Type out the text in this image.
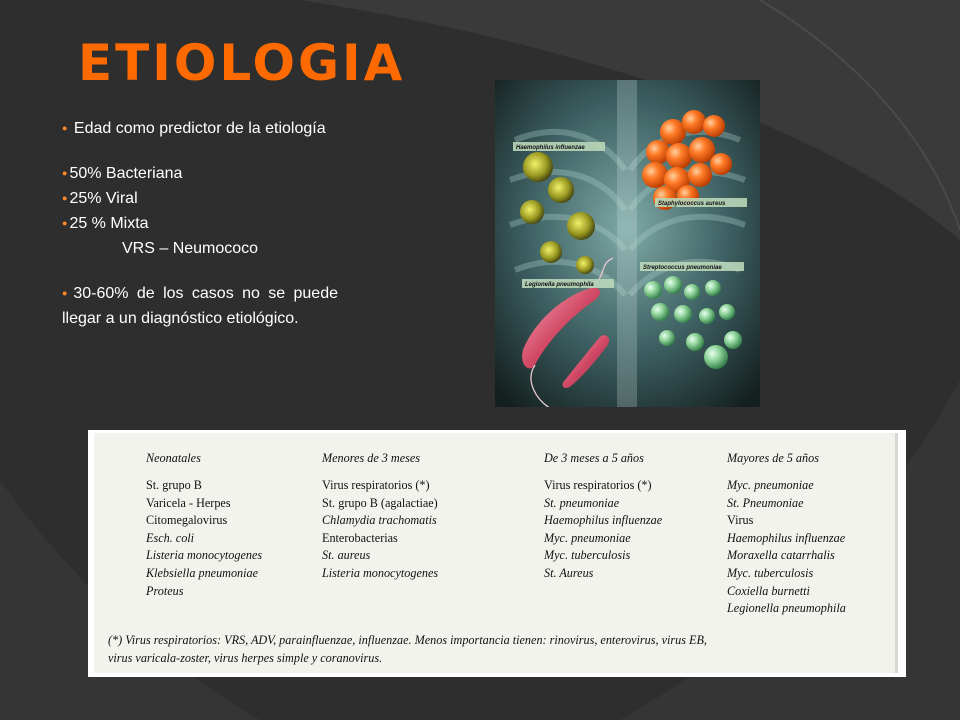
ETIOLOGIA

● Edad como predictor de la etiología

● 50% Bacteriana

● 25% Viral

● 25 % Mixta

VRS – Neumococo

● 30-60% de los casos no se puede llegar a un diagnóstico etiológico.

Haemophilus influenzae
Staphylococcus aureus
Legionella pneumophila
Streptococcus pneumoniae
Neonatales
St. grupo B
Varicela - Herpes
Citomegalovirus
Esch. coli
Listeria monocytogenes
Klebsiella pneumoniae
Proteus
Menores de 3 meses
Virus respiratorios (*)
St. grupo B (agalactiae)
Chlamydia trachomatis
Enterobacterias
St. aureus
Listeria monocytogenes
De 3 meses a 5 años
Virus respiratorios (*)
St. pneumoniae
Haemophilus influenzae
Myc. pneumoniae
Myc. tuberculosis
St. Aureus
Mayores de 5 años
Myc. pneumoniae
St. Pneumoniae
Virus
Haemophilus influenzae
Moraxella catarrhalis
Myc. tuberculosis
Coxiella burnetti
Legionella pneumophila
(*) Virus respiratorios: VRS, ADV, parainfluenzae, influenzae. Menos importancia tienen: rinovirus, enterovirus, virus EB,
virus varicala-zoster, virus herpes simple y coranovirus.
